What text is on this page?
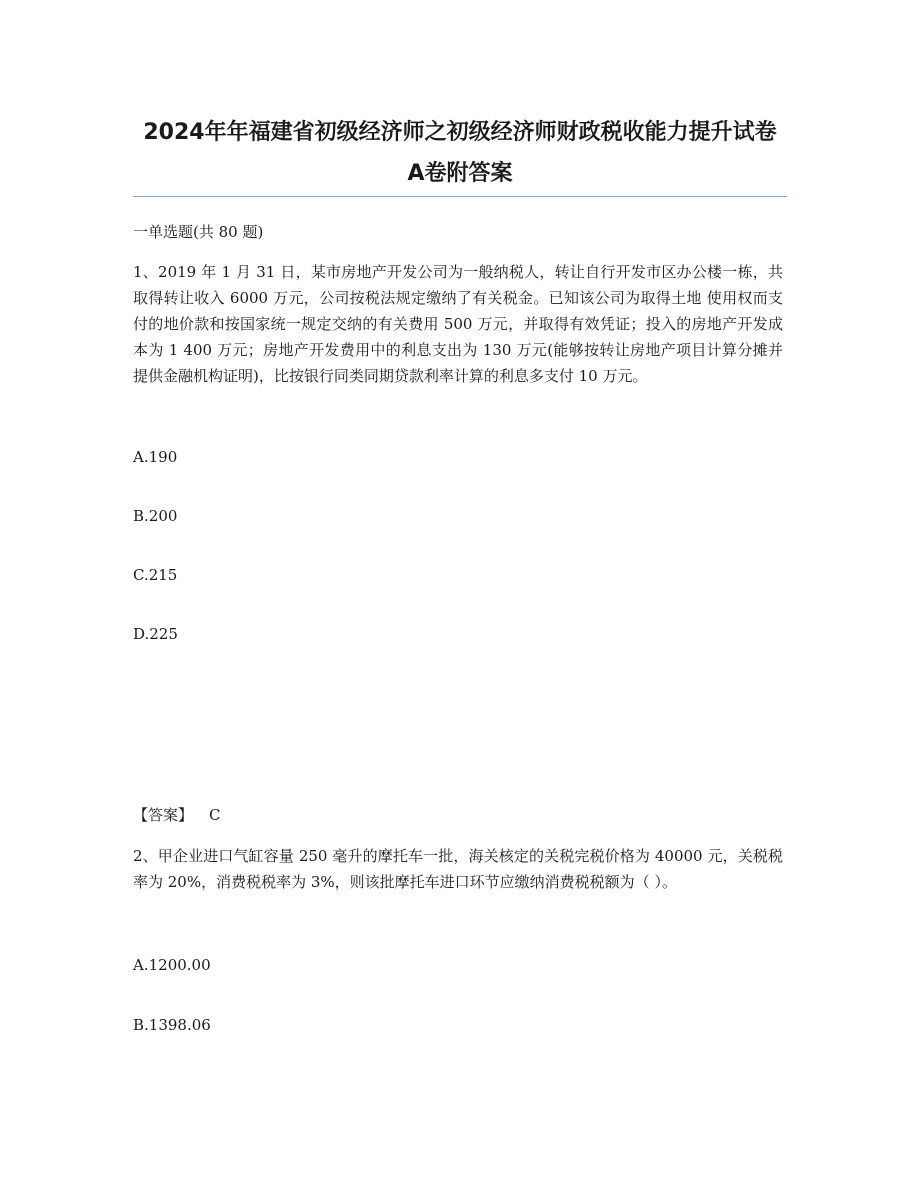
2024年年福建省初级经济师之初级经济师财政税收能力提升试卷A卷附答案

一单选题(共 80 题)

1、2019 年 1 月 31 日，某市房地产开发公司为一般纳税人，转让自行开发市区办公楼一栋，共取得转让收入 6000 万元，公司按税法规定缴纳了有关税金。已知该公司为取得土地 使用权而支付的地价款和按国家统一规定交纳的有关费用 500 万元，并取得有效凭证；投入的房地产开发成本为 1 400 万元；房地产开发费用中的利息支出为 130 万元(能够按转让房地产项目计算分摊并提供金融机构证明)，比按银行同类同期贷款利率计算的利息多支付 10 万元。

A.190

B.200

C.215

D.225

【答案】 C

2、甲企业进口气缸容量 250 毫升的摩托车一批，海关核定的关税完税价格为 40000 元，关税税率为 20%，消费税税率为 3%，则该批摩托车进口环节应缴纳消费税税额为（ ）。

A.1200.00

B.1398.06
